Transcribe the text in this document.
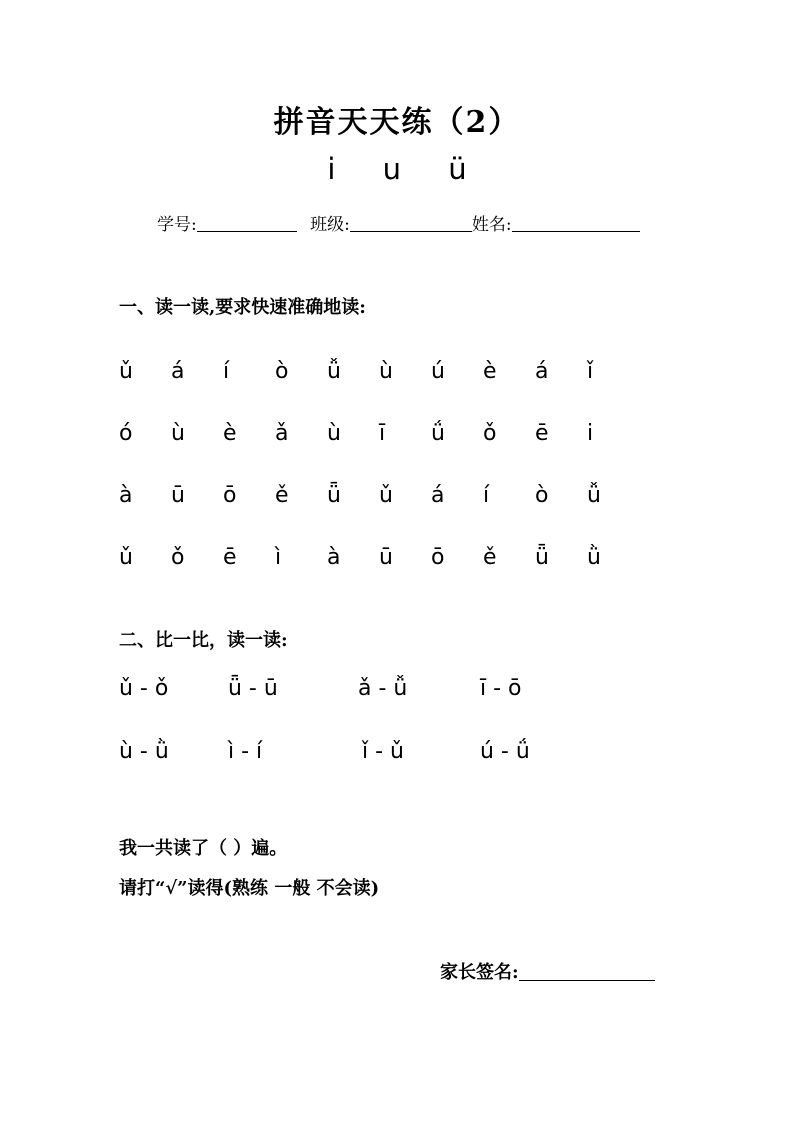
拼音天天练（2）
i u ü
学号:	班级:	姓名:
一、读一读,要求快速准确地读:
ǔ	á	í	ò	ǚ	ù	ú	è	á	ǐ
ó	ù	è	ǎ	ù	ī	ǘ	ǒ	ē	i
à	ū	ō	ě	ǖ	ǔ	á	í	ò	ǚ
ǔ	ǒ	ē	ì	à	ū	ō	ě	ǖ	ǜ
二、比一比，读一读:
ǔ - ǒ	ǖ - ū	ǎ - ǚ	ī - ō
ù - ǜ	ì - í	ǐ - ǔ	ú - ǘ
我一共读了（ ）遍。
请打“√”读得(熟练 一般 不会读)
家长签名:
